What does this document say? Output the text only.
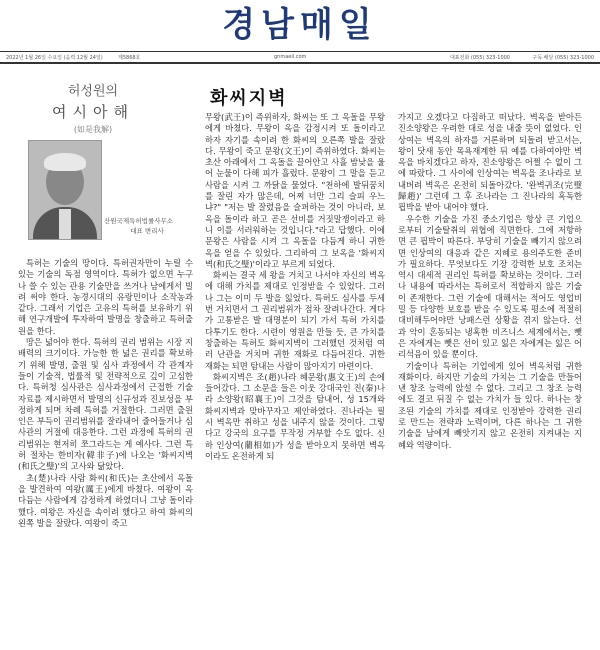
경남매일
2022년 1월 26일 수요일 (음력 12월 24일)	제5868호	gnmaeil.com	대표전화 (055) 323-1000	구독·배달 (055) 323-1000
허성원의
여시아해
(如是我解)
산원국제특허법률사무소
대표 변리사
화씨지벽

특허는 기술의 땅이다. 특허권자만이 누릴 수 있는 기술의 독점 영역이다. 특허가 없으면 누구나 쓸 수 있는 관용 기술만을 쓰거나 남에게서 빌려 써야 한다. 농경시대의 유랑민이나 소작농과 같다. 그래서 기업은 고유의 특허를 보유하기 위해 연구개발에 투자하여 발명을 창출하고 특허출원을 한다.

땅은 넓어야 한다. 특허의 권리 범위는 시장 지배력의 크기이다. 가능한 한 넓은 권리를 확보하기 위해 발명, 출원 및 심사 과정에서 각 관계자들이 기술적, 법률적 및 전략적으로 깊이 고심한다. 특허청 심사관은 심사과정에서 근접한 기술자료를 제시하면서 발명의 신규성과 진보성을 부정하게 되며 차례 특허를 거절한다. 그러면 출원인은 부득이 권리범위를 잘라내어 줄어들거나 심사관의 거절에 대응한다. 그런 과정에 특허의 권리범위는 현저히 쪼그라드는 게 예사다. 그런 특허 절차는 한비자(韓非子)에 나오는 '화씨지벽(和氏之璧)'의 고사와 닮았다.

초(楚)나라 사람 화씨(和氏)는 초산에서 옥돌을 발견하여 여왕(厲王)에게 바쳤다. 여왕이 옥 다듬는 사람에게 감정하게 하였더니 그냥 돌이라 했다. 여왕은 자신을 속이려 했다고 하여 화씨의 왼쪽 발을 잘랐다. 여왕이 죽고

무왕(武王)이 즉위하자, 화씨는 또 그 옥돌을 무왕에게 바쳤다. 무왕이 옥을 감정시켜 또 돌이라고 하자 자기를 속이려 한 화씨의 오른쪽 발을 잘랐다. 무왕이 죽고 문왕(文王)이 즉위하였다. 화씨는 초산 아래에서 그 옥돌을 끌어안고 사흘 밤낮을 울어 눈물이 다해 피가 흘렀다. 문왕이 그 말을 듣고 사람을 시켜 그 까닭을 물었다. "천하에 발뒤꿈치를 잘린 자가 많은데, 어찌 너만 그리 슬피 우느냐?" "저는 발 잘렸음을 슬퍼하는 것이 아니라, 보옥을 돌이라 하고 곧은 선비를 거짓말쟁이라고 하니 이를 서러워하는 것입니다."라고 답했다. 이에 문왕은 사람을 시켜 그 옥돌을 다듬게 하니 귀한 옥을 얻을 수 있었다. 그리하여 그 보옥을 '화씨지벽(和氏之璧)'이라고 부르게 되었다.

화씨는 결국 세 왕을 거치고 나서야 자신의 벽옥에 대해 가치를 제대로 인정받을 수 있었다. 그러나 그는 이미 두 발을 잃었다. 특허도 심사를 두세 번 거치면서 그 권리범위가 점차 잘려나간다. 게다가 고통받은 발 대명분이 되기 가서 특허 가치를 다투기도 한다. 시련이 영원을 만들 듯, 큰 가치를 창출하는 특허도 화씨지벽이 그러했던 것처럼 여러 난관을 거치며 귀한 재화로 다듬어진다. 귀한 재화는 되면 탐내는 사람이 많아지기 마련이다.

화씨지벽은 조(趙)나라 혜문왕(惠文王)의 손에 들어갔다. 그 소문을 들은 이웃 강대국인 진(秦)나라 소양왕(昭襄王)이 그것을 탐내어, 성 15개와 화씨지벽과 맞바꾸자고 제안하였다. 진나라는 필시 벽옥만 취하고 성을 내주지 않을 것이다. 그렇다고 강국의 요구를 무작정 거부할 수도 없다. 신하 인상여(藺相如)가 성을 받아오지 못하면 벽옥이라도 온전하게 되

가지고 오겠다고 다짐하고 떠났다. 벽옥을 받아든 진소양왕은 우려한 대로 성을 내줄 뜻이 없었다. 인상여는 벽옥의 하자를 거론하며 되돌려 받고서는, 왕이 닷새 동안 목욕재계한 뒤 예를 다하여야만 벽옥을 바치겠다고 하자, 진소양왕은 어쩔 수 없이 그에 따랐다. 그 사이에 인상여는 벽옥을 조나라로 보내버려 벽옥은 온전히 되돌아갔다. '완벽귀조(完璧歸趙)' 그런데 그 후 조나라는 그 진나라의 혹독한 핍박을 받아 내어야 했다.

우수한 기술을 가진 중소기업은 항상 큰 기업으로부터 기술탈취의 위협에 직면한다. 그에 저항하면 큰 핍박이 따른다. 부당히 기술을 빼기지 않으려면 인상여의 대응과 같은 지혜로 용의주도한 준비가 필요하다. 무엇보다도 기장 강력한 보호 조치는 역시 대세적 권리인 특허를 확보하는 것이다. 그러나 내용에 따라서는 특허로서 적합하지 않은 기술이 존재한다. 그런 기술에 대해서는 적어도 영업비밀 등 다양한 보호를 받을 수 있도록 평소에 적절히 대비해두어야만 낭패스런 상황을 겪지 않는다. 선과 악이 혼동되는 냉혹한 비즈니스 세계에서는, 뺏은 자에게는 뺏은 선이 있고 잃은 자에게는 잃은 어리석음이 있을 뿐이다.

기술이나 특허는 기업에게 있어 벽옥처럼 귀한 재화이다. 하지만 기술의 가치는 그 기술을 만들어낸 창조 능력에 앉설 수 없다. 그리고 그 창조 능력에도 결코 뒤질 수 없는 가치가 들 있다. 하나는 창조된 기술의 가치를 제대로 인정받아 강력한 권리로 만드는 전략과 노력이며, 다른 하나는 그 귀한 기술을 남에게 빼앗기지 않고 온전히 지켜내는 지혜와 역량이다.
